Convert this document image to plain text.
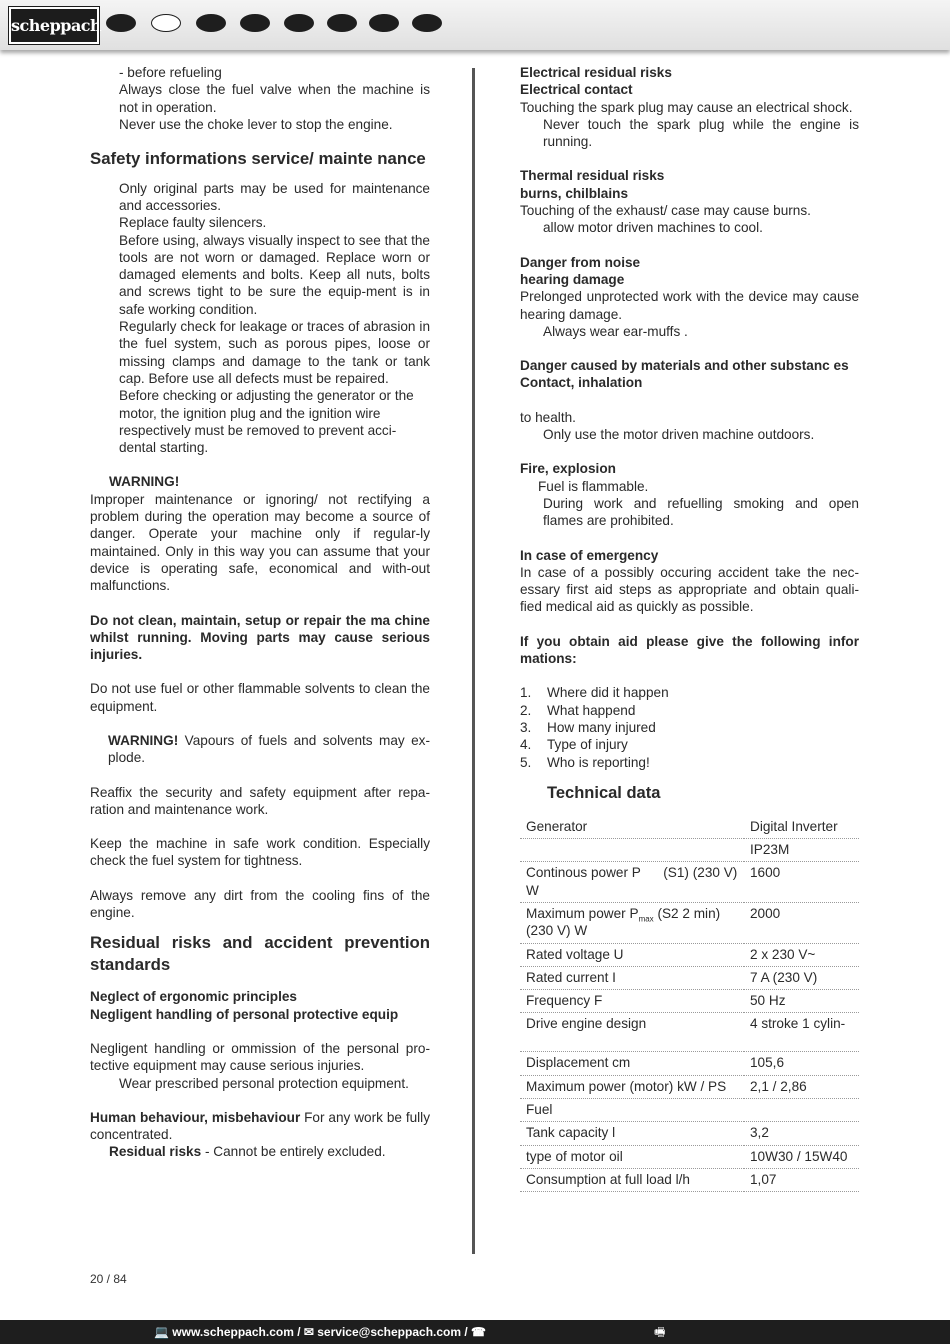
scheppach

- before refueling

Always close the fuel valve when the machine is not in operation.

Never use the choke lever to stop the engine.

Safety informations service/ mainte nance

Only original parts may be used for maintenance and accessories.

Replace faulty silencers.

Before using, always visually inspect to see that the tools are not worn or damaged. Replace worn or damaged elements and bolts. Keep all nuts, bolts and screws tight to be sure the equip-ment is in safe working condition.

Regularly check for leakage or traces of abrasion in the fuel system, such as porous pipes, loose or missing clamps and damage to the tank or tank cap. Before use all defects must be repaired.

Before checking or adjusting the generator or the motor, the ignition plug and the ignition wire respectively must be removed to prevent acci-dental starting.

WARNING!

Improper maintenance or ignoring/ not rectifying a problem during the operation may become a source of danger. Operate your machine only if regular-ly maintained. Only in this way you can assume that your device is operating safe, economical and with-out malfunctions.

Do not clean, maintain, setup or repair the ma chine whilst running. Moving parts may cause serious injuries.

Do not use fuel or other flammable solvents to clean the equipment.

WARNING! Vapours of fuels and solvents may ex-plode.

Reaffix the security and safety equipment after repa-ration and maintenance work.

Keep the machine in safe work condition. Especially check the fuel system for tightness.

Always remove any dirt from the cooling fins of the engine.

Residual risks and accident prevention standards

Neglect of ergonomic principles

Negligent handling of personal protective equip

Negligent handling or ommission of the personal pro-tective equipment may cause serious injuries.

Wear prescribed personal protection equipment.

Human behaviour, misbehaviour For any work be fully concentrated.

Residual risks - Cannot be entirely excluded.

Electrical residual risks

Electrical contact

Touching the spark plug may cause an electrical shock.

Never touch the spark plug while the engine is running.

Thermal residual risks

burns, chilblains

Touching of the exhaust/ case may cause burns.

allow motor driven machines to cool.

Danger from noise

hearing damage

Prelonged unprotected work with the device may cause hearing damage.

Always wear ear-muffs .

Danger caused by materials and other substanc es

Contact, inhalation

to health.

Only use the motor driven machine outdoors.

Fire, explosion

Fuel is flammable.

During work and refuelling smoking and open flames are prohibited.

In case of emergency

In case of a possibly occuring accident take the nec-essary first aid steps as appropriate and obtain quali-fied medical aid as quickly as possible.

If you obtain aid please give the following infor mations:

1. Where did it happen
2. What happend
3. How many injured
4. Type of injury
5. Who is reporting!
Technical data
Generator	Digital Inverter
	IP23M
Continous power P      (S1) (230 V) W	1600
Maximum power $P_{max}$ (S2 2 min) (230 V) W	2000
Rated voltage U	2 x 230 V~
Rated current I	7 A (230 V)
Frequency F	50 Hz
Drive engine design	4 stroke 1 cylin-
Displacement cm	105,6
Maximum power (motor) kW / PS	2,1 / 2,86
Fuel	
Tank capacity l	3,2
type of motor oil	10W30 / 15W40
Consumption at full load l/h	1,07
20 / 84
💻 www.scheppach.com / ✉ service@scheppach.com / ☎	🖷
